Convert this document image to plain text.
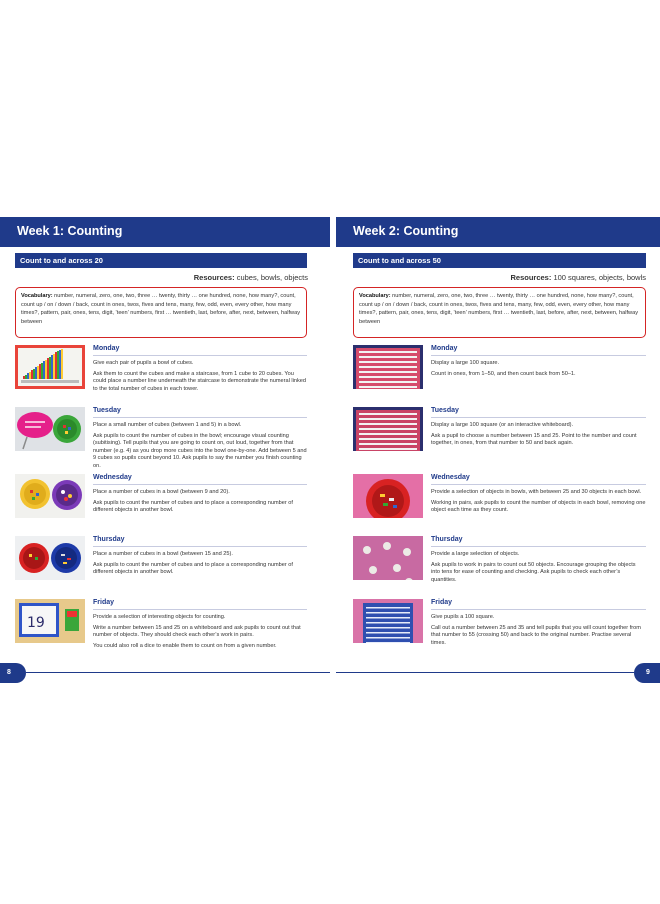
Week 1: Counting
Count to and across 20
Resources: cubes, bowls, objects
Vocabulary: number, numeral, zero, one, two, three … twenty, thirty … one hundred, none, how many?, count, count up / on / down / back, count in ones, twos, fives and tens, many, few, odd, even, every other, how many times?, pattern, pair, ones, tens, digit, ‘teen’ numbers, first … twentieth, last, before, after, next, between, halfway between
Monday

Give each pair of pupils a bowl of cubes.

Ask them to count the cubes and make a staircase, from 1 cube to 20 cubes. You could place a number line underneath the staircase to demonstrate the numeral linked to the total number of cubes in each tower.

Tuesday

Place a small number of cubes (between 1 and 5) in a bowl.

Ask pupils to count the number of cubes in the bowl; encourage visual counting (subitising). Tell pupils that you are going to count on, out loud, together from that number (e.g. 4) as you drop more cubes into the bowl one-by-one. Add between 5 and 9 cubes so pupils count beyond 10. Ask pupils to say the number you finish counting on.

Wednesday

Place a number of cubes in a bowl (between 9 and 20).

Ask pupils to count the number of cubes and to place a corresponding number of different objects in another bowl.

Thursday

Place a number of cubes in a bowl (between 15 and 25).

Ask pupils to count the number of cubes and to place a corresponding number of different objects in another bowl.

19
Friday

Provide a selection of interesting objects for counting.

Write a number between 15 and 25 on a whiteboard and ask pupils to count out that number of objects. They should check each other’s work in pairs.

You could also roll a dice to enable them to count on from a given number.

8
Week 2: Counting
Count to and across 50
Resources: 100 squares, objects, bowls
Vocabulary: number, numeral, zero, one, two, three … twenty, thirty … one hundred, none, how many?, count, count up / on / down / back, count in ones, twos, fives and tens, many, few, odd, even, every other, how many times?, pattern, pair, ones, tens, digit, ‘teen’ numbers, first … twentieth, last, before, after, next, between, halfway between
Monday

Display a large 100 square.

Count in ones, from 1–50, and then count back from 50–1.

Tuesday

Display a large 100 square (or an interactive whiteboard).

Ask a pupil to choose a number between 15 and 25. Point to the number and count together, in ones, from that number to 50 and back again.

Wednesday

Provide a selection of objects in bowls, with between 25 and 30 objects in each bowl.

Working in pairs, ask pupils to count the number of objects in each bowl, removing one object each time as they count.

Thursday

Provide a large selection of objects.

Ask pupils to work in pairs to count out 50 objects. Encourage grouping the objects into tens for ease of counting and checking. Ask pupils to check each other’s quantities.

Friday

Give pupils a 100 square.

Call out a number between 25 and 35 and tell pupils that you will count together from that number to 55 (crossing 50) and back to the original number. Practise several times.

9
